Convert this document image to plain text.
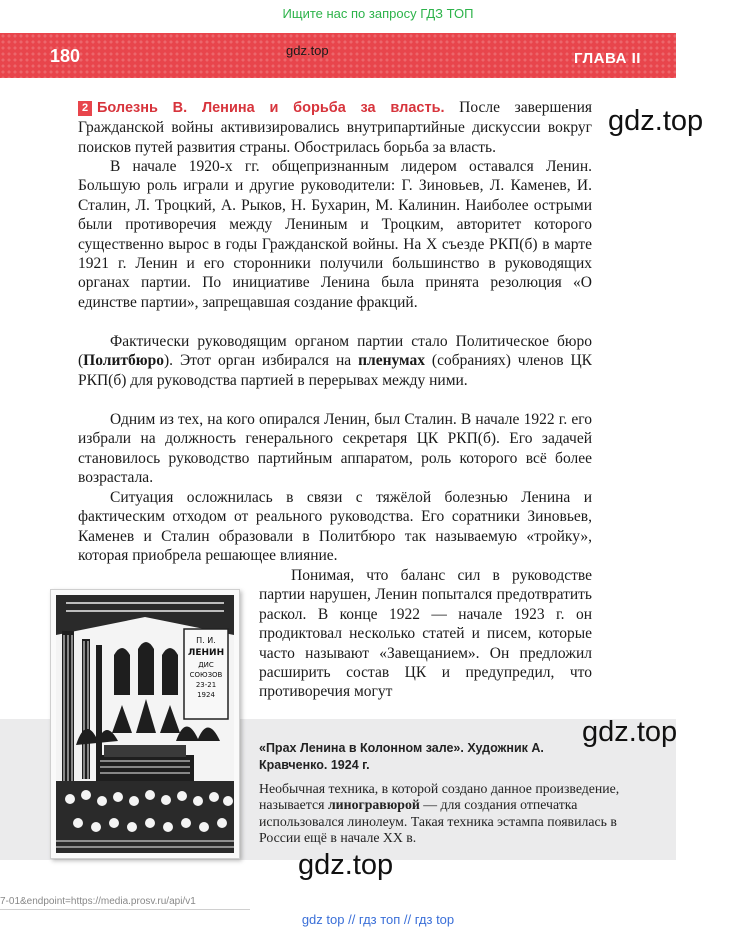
Ищите нас по запросу ГДЗ ТОП
180	gdz.top	ГЛАВА II
2 Болезнь В. Ленина и борьба за власть. После завершения Гражданской войны активизировались внутрипартийные дискуссии вокруг поисков путей развития страны. Обострилась борьба за власть.
В начале 1920-х гг. общепризнанным лидером оставался Ленин. Большую роль играли и другие руководители: Г. Зиновьев, Л. Каменев, И. Сталин, Л. Троцкий, А. Рыков, Н. Бухарин, М. Калинин. Наиболее острыми были противоречия между Лениным и Троцким, авторитет которого существенно вырос в годы Гражданской войны. На X съезде РКП(б) в марте 1921 г. Ленин и его сторонники получили большинство в руководящих органах партии. По инициативе Ленина была принята резолюция «О единстве партии», запрещавшая создание фракций.
Фактически руководящим органом партии стало Политическое бюро (Политбюро). Этот орган избирался на пленумах (собраниях) членов ЦК РКП(б) для руководства партией в перерывах между ними.
Одним из тех, на кого опирался Ленин, был Сталин. В начале 1922 г. его избрали на должность генерального секретаря ЦК РКП(б). Его задачей становилось руководство партийным аппаратом, роль которого всё более возрастала.
Ситуация осложнилась в связи с тяжёлой болезнью Ленина и фактическим отходом от реального руководства. Его соратники Зиновьев, Каменев и Сталин образовали в Политбюро так называемую «тройку», которая приобрела решающее влияние.
Понимая, что баланс сил в руководстве партии нарушен, Ленин попытался предотвратить раскол. В конце 1922 — начале 1923 г. он продиктовал несколько статей и писем, которые часто называют «Завещанием». Он предложил расширить состав ЦК и предупредил, что противоречия могут
gdz.top
П. И.
ЛЕНИН
ДИС
СОЮЗОВ
23-21
1924
«Прах Ленина в Колонном зале». Художник А. Кравченко. 1924 г.
Необычная техника, в которой создано данное произведение, называется линогравюрой — для создания отпечатка использовался линолеум. Такая техника эстампа появилась в России ещё в начале XX в.
gdz.top
gdz.top
7-01&endpoint=https://media.prosv.ru/api/v1
gdz top // гдз топ // гдз top
